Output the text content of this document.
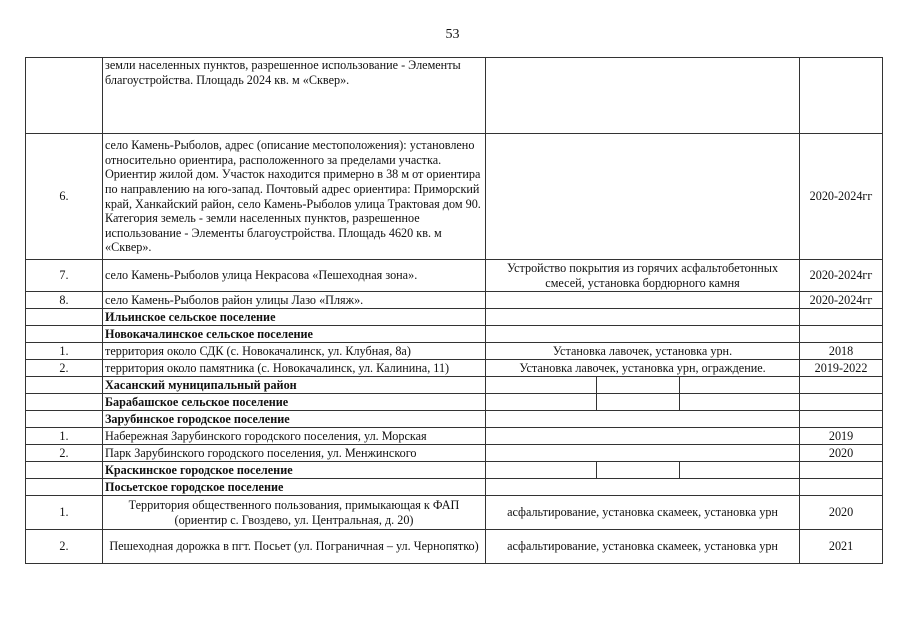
53
	земли населенных пунктов, разрешенное использование - Элементы благоустройства. Площадь 2024 кв. м «Сквер».				
6.	село Камень-Рыболов, адрес (описание местоположения): установлено относительно ориентира, расположенного за пределами участка. Ориентир жилой дом. Участок находится примерно в 38 м от ориентира по направлению на юго-запад. Почтовый адрес ориентира: Приморский край, Ханкайский район, село Камень-Рыболов улица Трактовая дом 90. Категория земель - земли населенных пунктов, разрешенное использование - Элементы благоустройства. Площадь 4620 кв. м «Сквер».				2020-2024гг
7.	село Камень-Рыболов улица Некрасова «Пешеходная зона».	Устройство покрытия из горячих асфальтобетонных смесей, установка бордюрного камня			2020-2024гг
8.	село Камень-Рыболов район улицы Лазо «Пляж».				2020-2024гг
	Ильинское сельское поселение				
	Новокачалинское сельское поселение				
1.	территория около СДК (с. Новокачалинск, ул. Клубная, 8а)	Установка лавочек, установка урн.			2018
2.	территория около памятника (с. Новокачалинск, ул. Калинина, 11)	Установка лавочек, установка урн, ограждение.			2019-2022
	Хасанский муниципальный район				
	Барабашское сельское поселение				
	Зарубинское городское поселение				
1.	Набережная Зарубинского городского поселения, ул. Морская				2019
2.	Парк Зарубинского городского поселения, ул. Менжинского				2020
	Краскинское городское поселение				
	Посьетское городское поселение				
1.	Территория общественного пользования, примыкающая к ФАП (ориентир с. Гвоздево, ул. Центральная, д. 20)	асфальтирование, установка скамеек, установка урн			2020
2.	Пешеходная дорожка в пгт. Посьет (ул. Пограничная – ул. Чернопятко)	асфальтирование, установка скамеек, установка урн			2021
